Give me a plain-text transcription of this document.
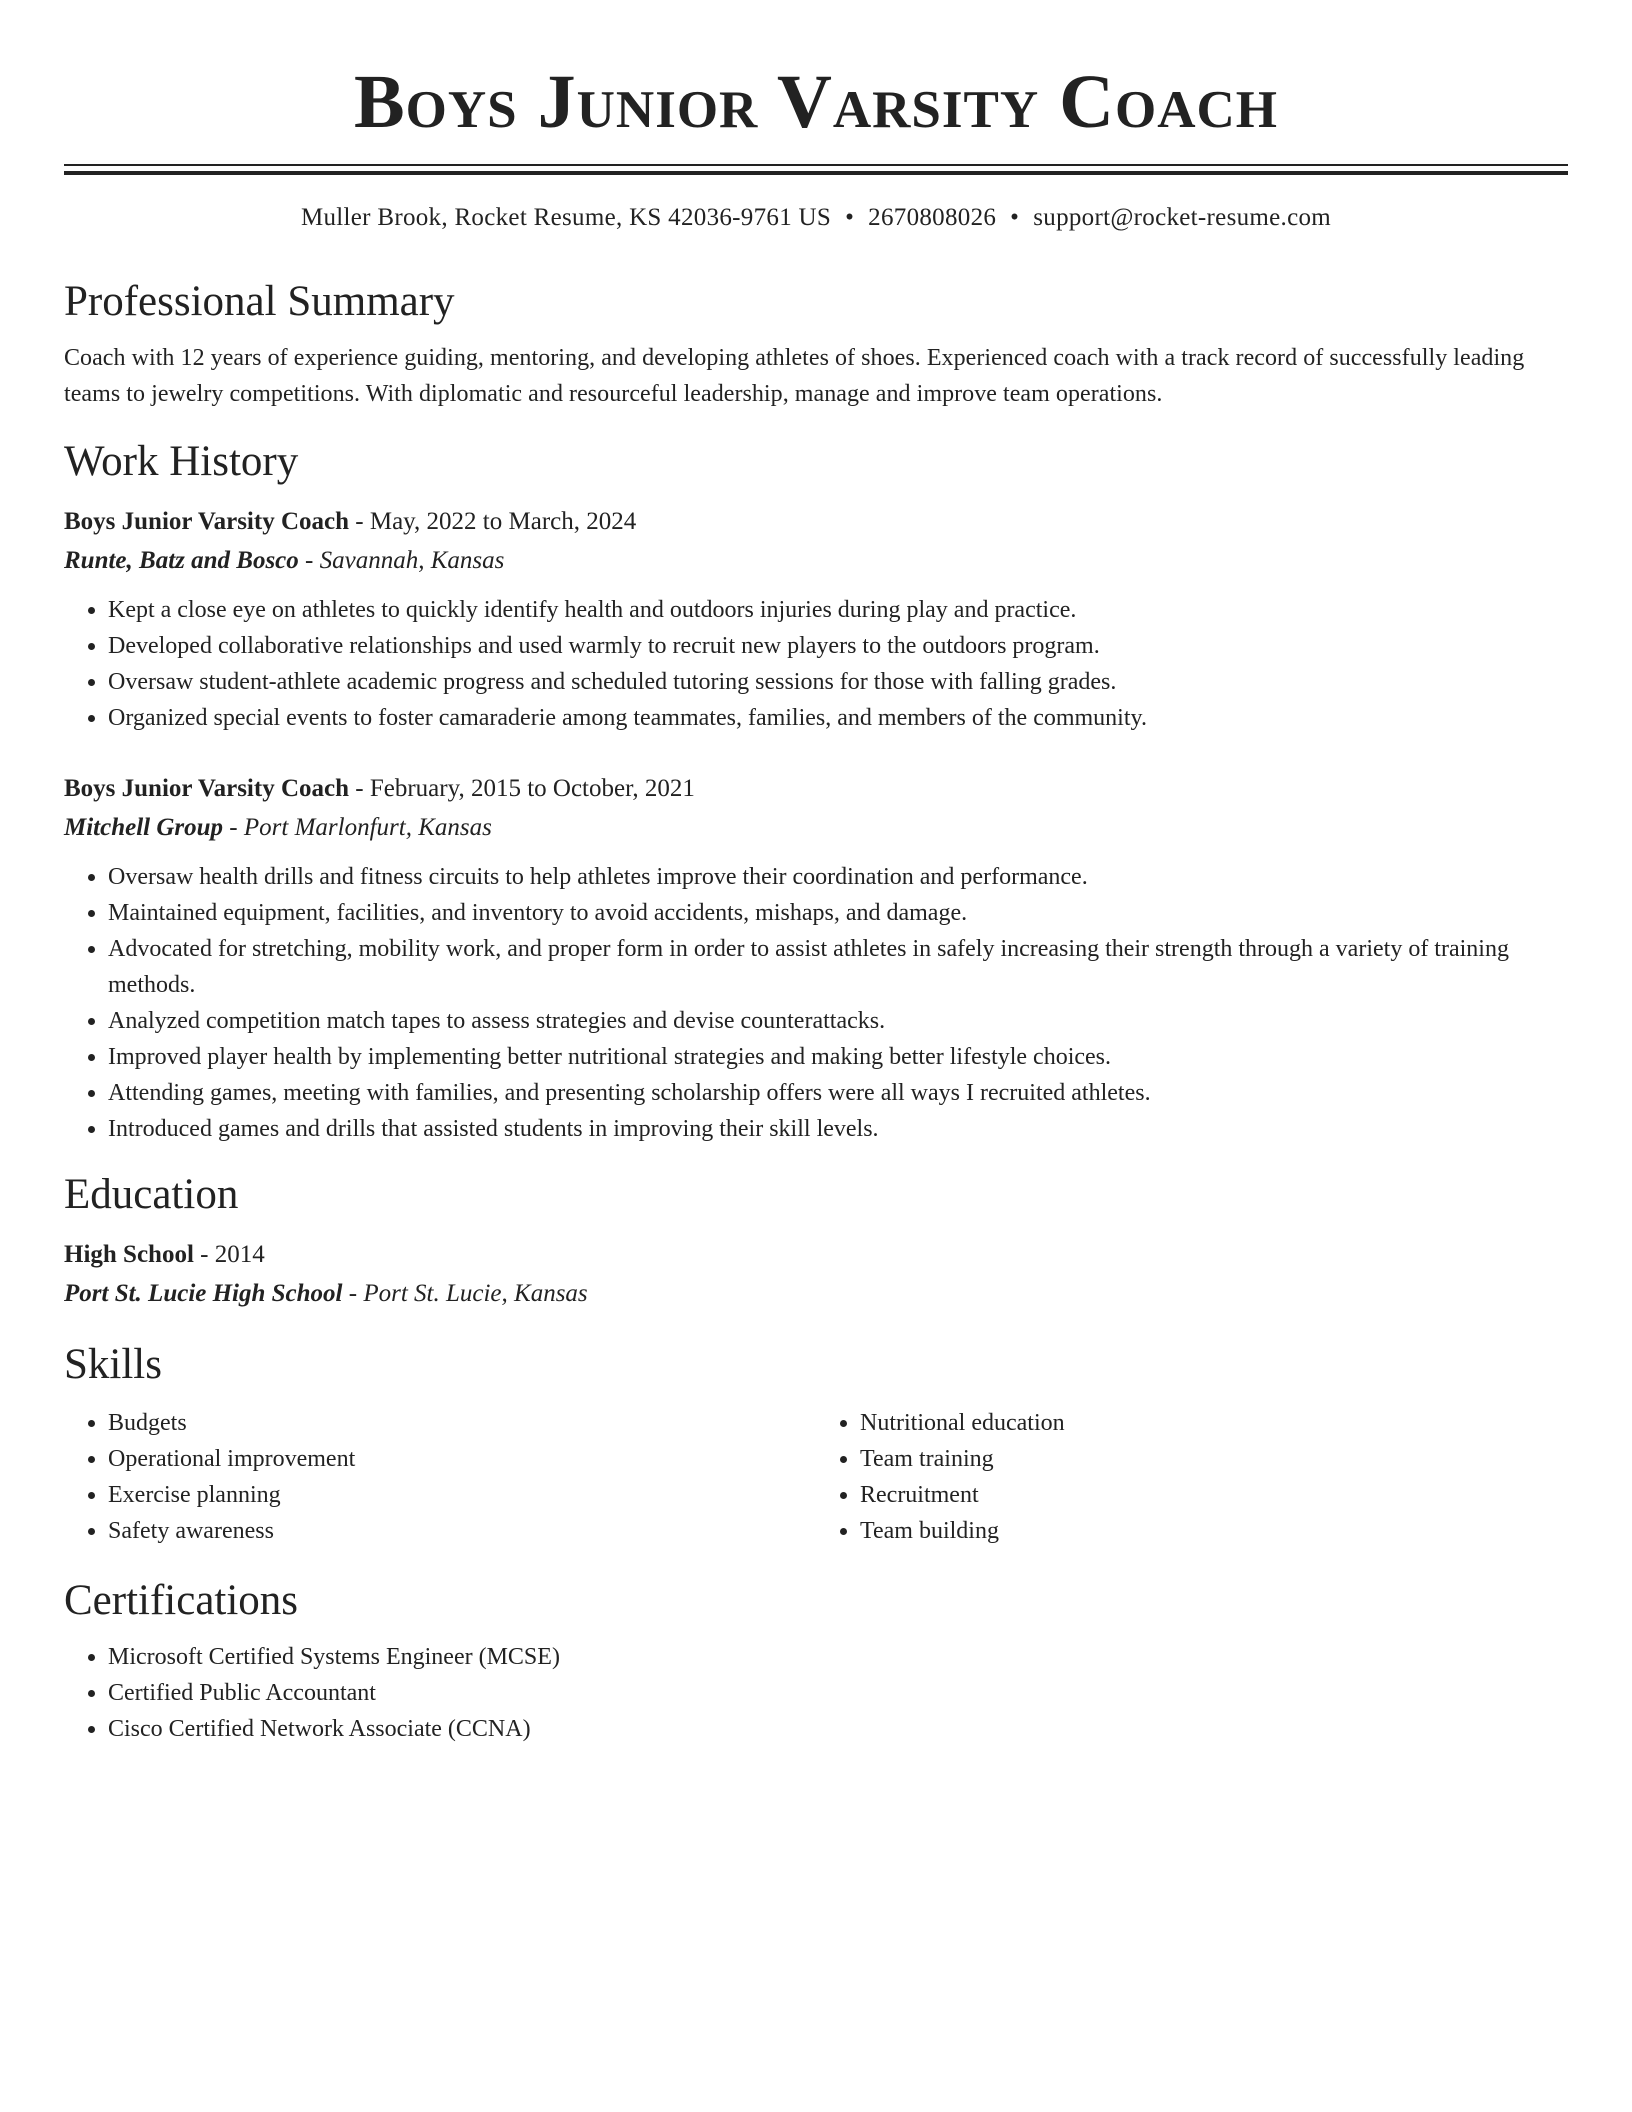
Boys Junior Varsity Coach
Muller Brook, Rocket Resume, KS 42036-9761 US • 2670808026 • support@rocket-resume.com
Professional Summary

Coach with 12 years of experience guiding, mentoring, and developing athletes of shoes. Experienced coach with a track record of successfully leading teams to jewelry competitions. With diplomatic and resourceful leadership, manage and improve team operations.

Work History
Boys Junior Varsity Coach - May, 2022 to March, 2024
Runte, Batz and Bosco - Savannah, Kansas
• Kept a close eye on athletes to quickly identify health and outdoors injuries during play and practice.
• Developed collaborative relationships and used warmly to recruit new players to the outdoors program.
• Oversaw student-athlete academic progress and scheduled tutoring sessions for those with falling grades.
• Organized special events to foster camaraderie among teammates, families, and members of the community.
Boys Junior Varsity Coach - February, 2015 to October, 2021
Mitchell Group - Port Marlonfurt, Kansas
• Oversaw health drills and fitness circuits to help athletes improve their coordination and performance.
• Maintained equipment, facilities, and inventory to avoid accidents, mishaps, and damage.
• Advocated for stretching, mobility work, and proper form in order to assist athletes in safely increasing their strength through a variety of training methods.
• Analyzed competition match tapes to assess strategies and devise counterattacks.
• Improved player health by implementing better nutritional strategies and making better lifestyle choices.
• Attending games, meeting with families, and presenting scholarship offers were all ways I recruited athletes.
• Introduced games and drills that assisted students in improving their skill levels.
Education
High School - 2014
Port St. Lucie High School - Port St. Lucie, Kansas
Skills
• Budgets
• Operational improvement
• Exercise planning
• Safety awareness
• Nutritional education
• Team training
• Recruitment
• Team building
Certifications
• Microsoft Certified Systems Engineer (MCSE)
• Certified Public Accountant
• Cisco Certified Network Associate (CCNA)
